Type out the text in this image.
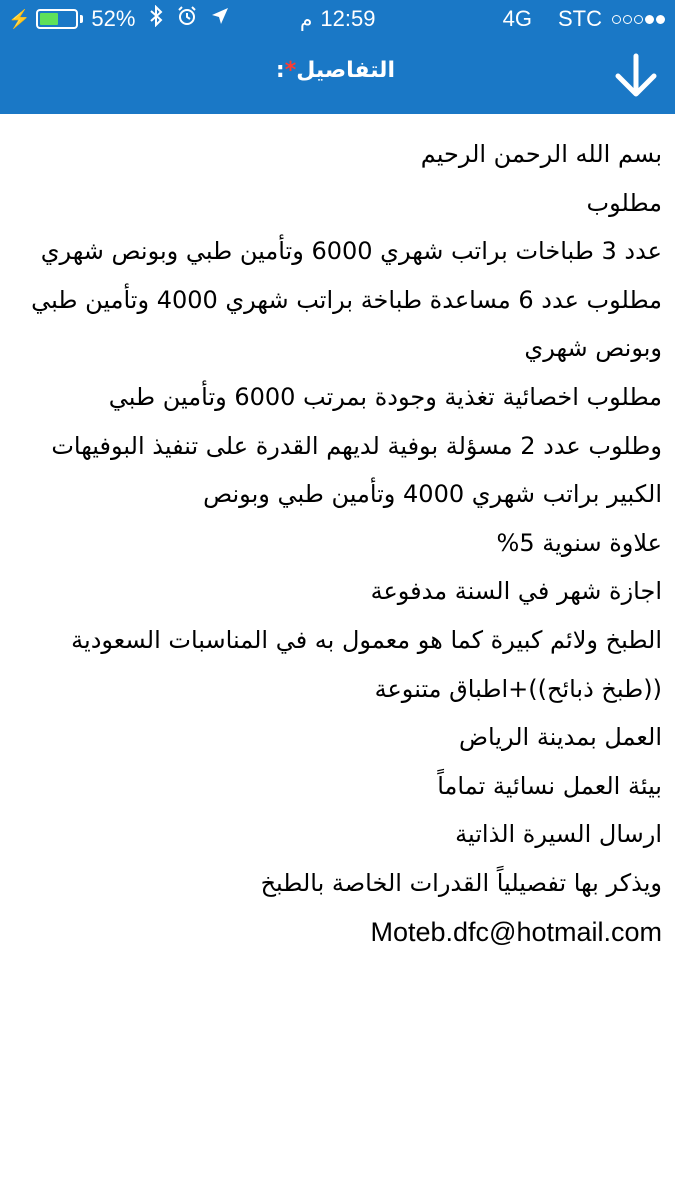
⚡	52%	م 12:59	4G STC
التفاصيل*:
بسم الله الرحمن الرحيم
مطلوب
عدد 3 طباخات براتب شهري 6000 وتأمين طبي وبونص شهري
مطلوب عدد 6 مساعدة طباخة براتب شهري 4000 وتأمين طبي
وبونص شهري
مطلوب اخصائية تغذية وجودة بمرتب 6000 وتأمين طبي
وطلوب عدد 2 مسؤلة بوفية لديهم القدرة على تنفيذ البوفيهات
الكبير براتب شهري 4000 وتأمين طبي وبونص
علاوة سنوية 5%
اجازة شهر في السنة مدفوعة
الطبخ ولائم كبيرة كما هو معمول به في المناسبات السعودية
((طبخ ذبائح))+اطباق متنوعة
العمل بمدينة الرياض
بيئة العمل نسائية تماماً
ارسال السيرة الذاتية
ويذكر بها تفصيلياً القدرات الخاصة بالطبخ
Moteb.dfc@hotmail.com
